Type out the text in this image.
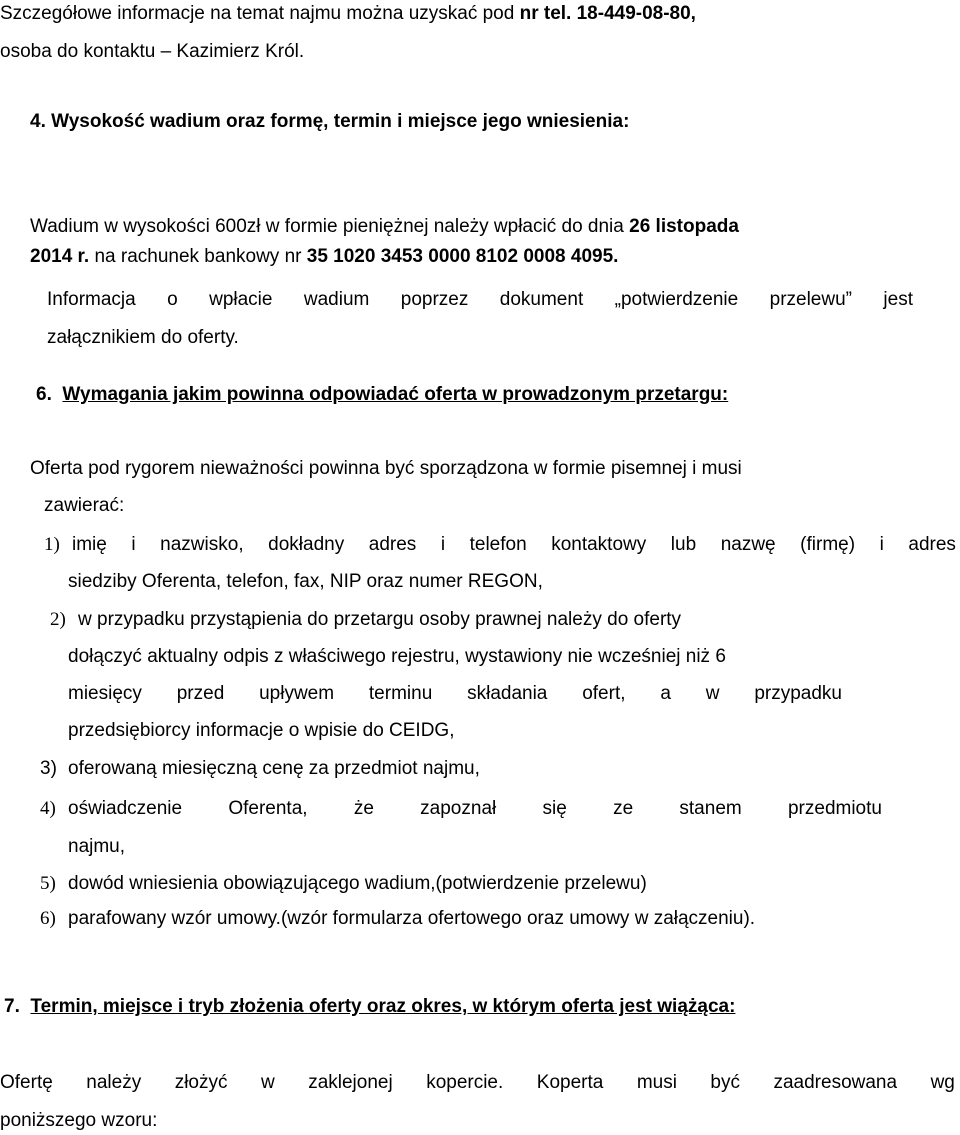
Szczegółowe informacje na temat najmu można uzyskać pod nr tel. 18-449-08-80,
osoba do kontaktu – Kazimierz Król.
4. Wysokość wadium oraz formę, termin i miejsce jego wniesienia:
Wadium w wysokości 600zł w formie pieniężnej należy wpłacić do dnia 26 listopada
2014 r. na rachunek bankowy nr 35 1020 3453 0000 8102 0008 4095.
Informacja o wpłacie wadium poprzez dokument „potwierdzenie przelewu” jest
załącznikiem do oferty.
6. Wymagania jakim powinna odpowiadać oferta w prowadzonym przetargu:
Oferta pod rygorem nieważności powinna być sporządzona w formie pisemnej i musi
zawierać:
1) imię i nazwisko, dokładny adres i telefon kontaktowy lub nazwę (firmę) i adres
siedziby Oferenta, telefon, fax, NIP oraz numer REGON,
2) w przypadku przystąpienia do przetargu osoby prawnej należy do oferty
dołączyć aktualny odpis z właściwego rejestru, wystawiony nie wcześniej niż 6
miesięcy przed upływem terminu składania ofert, a w przypadku
przedsiębiorcy informacje o wpisie do CEIDG,
3) oferowaną miesięczną cenę za przedmiot najmu,
4) oświadczenie Oferenta, że zapoznał się ze stanem przedmiotu
najmu,
5) dowód wniesienia obowiązującego wadium,(potwierdzenie przelewu)
6) parafowany wzór umowy.(wzór formularza ofertowego oraz umowy w załączeniu).
7. Termin, miejsce i tryb złożenia oferty oraz okres, w którym oferta jest wiążąca:
Ofertę należy złożyć w zaklejonej kopercie. Koperta musi być zaadresowana wg
poniższego wzoru:
